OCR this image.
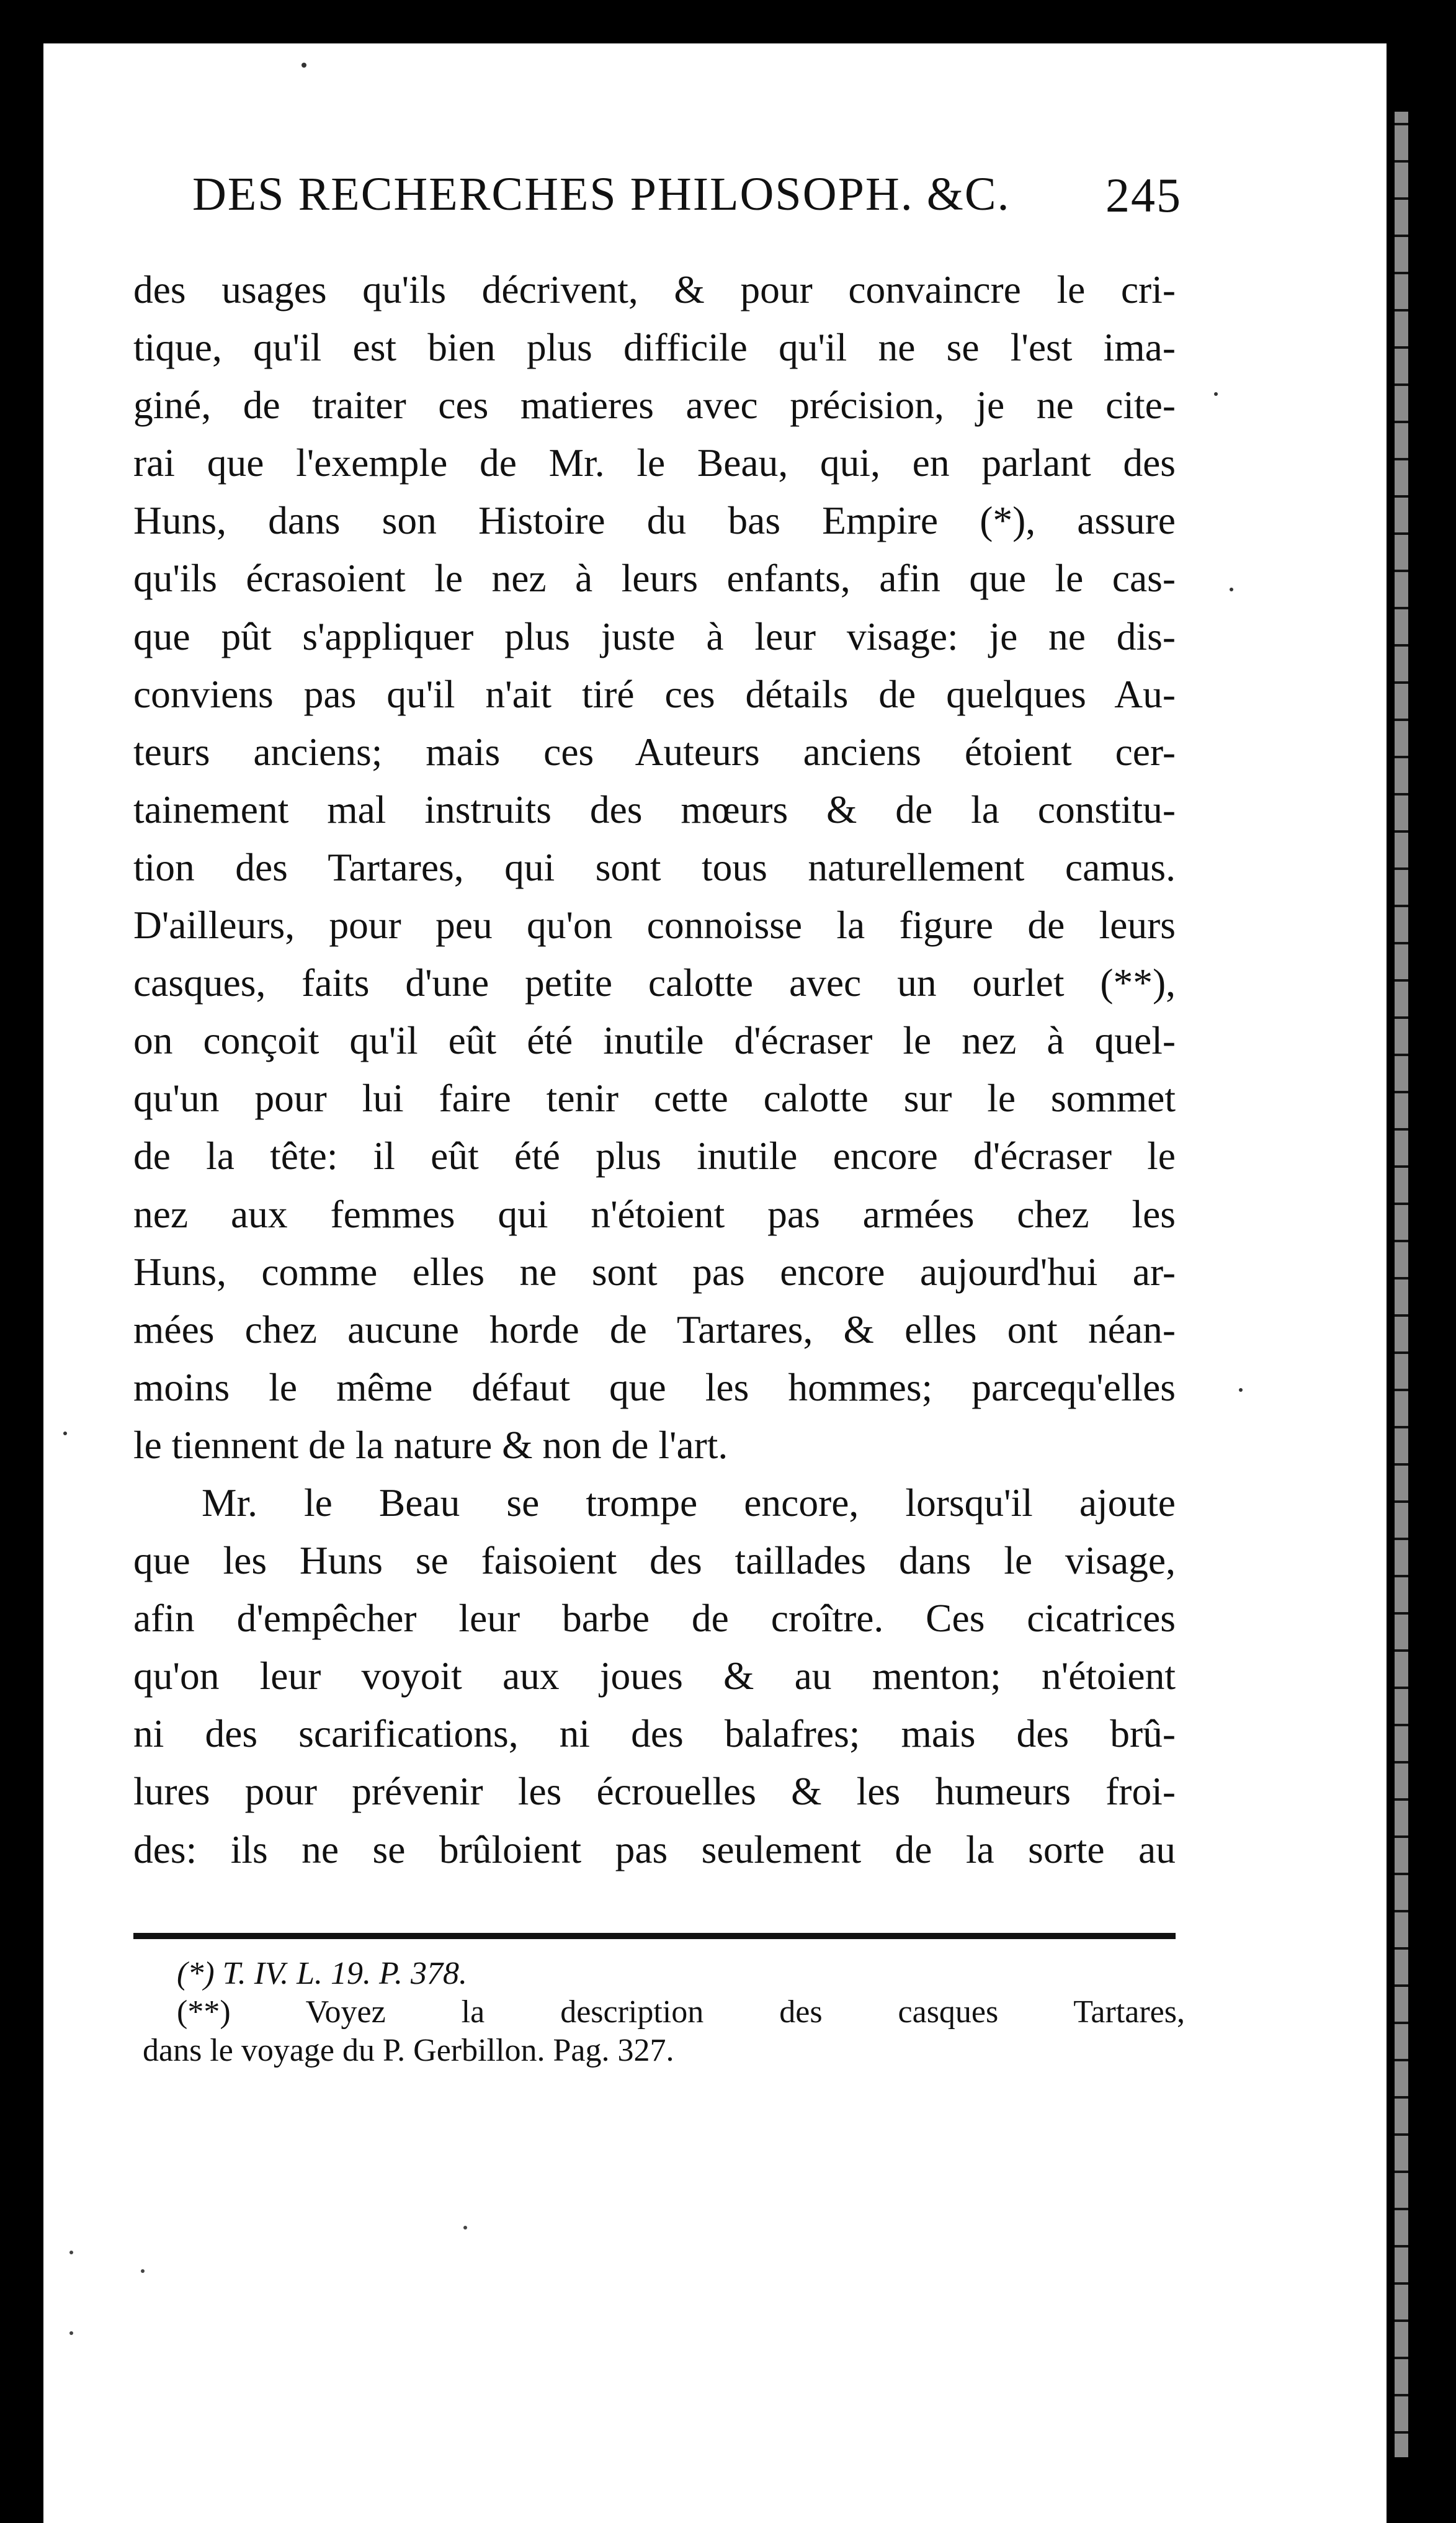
DES RECHERCHES PHILOSOPH. &C. 245
des usages qu'ils décrivent, & pour convaincre le cri-
tique, qu'il est bien plus difficile qu'il ne se l'est ima-
giné, de traiter ces matieres avec précision, je ne cite-
rai que l'exemple de Mr. le Beau, qui, en parlant des
Huns, dans son Histoire du bas Empire (*), assure
qu'ils écrasoient le nez à leurs enfants, afin que le cas-
que pût s'appliquer plus juste à leur visage: je ne dis-
conviens pas qu'il n'ait tiré ces détails de quelques Au-
teurs anciens; mais ces Auteurs anciens étoient cer-
tainement mal instruits des mœurs & de la constitu-
tion des Tartares, qui sont tous naturellement camus.
D'ailleurs, pour peu qu'on connoisse la figure de leurs
casques, faits d'une petite calotte avec un ourlet (**),
on conçoit qu'il eût été inutile d'écraser le nez à quel-
qu'un pour lui faire tenir cette calotte sur le sommet
de la tête: il eût été plus inutile encore d'écraser le
nez aux femmes qui n'étoient pas armées chez les
Huns, comme elles ne sont pas encore aujourd'hui ar-
mées chez aucune horde de Tartares, & elles ont néan-
moins le même défaut que les hommes; parcequ'elles
le tiennent de la nature & non de l'art.
Mr. le Beau se trompe encore, lorsqu'il ajoute
que les Huns se faisoient des taillades dans le visage,
afin d'empêcher leur barbe de croître. Ces cicatrices
qu'on leur voyoit aux joues & au menton; n'étoient
ni des scarifications, ni des balafres; mais des brû-
lures pour prévenir les écrouelles & les humeurs froi-
des: ils ne se brûloient pas seulement de la sorte au
(*) T. IV. L. 19. P. 378.
(**) Voyez la description des casques Tartares,
dans le voyage du P. Gerbillon. Pag. 327.
